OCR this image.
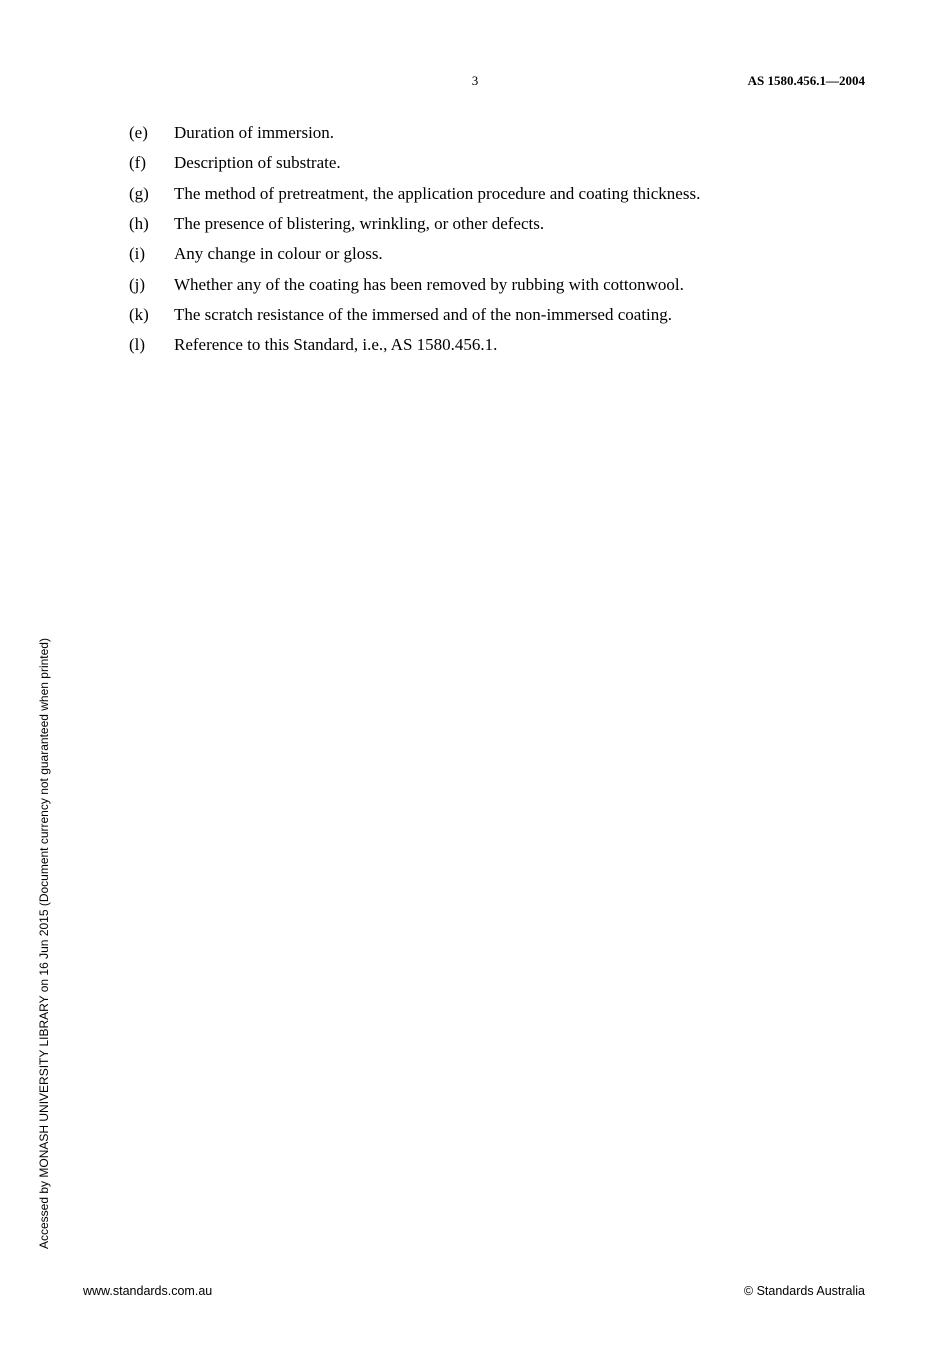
3	AS 1580.456.1—2004
(e)	Duration of immersion.
(f)	Description of substrate.
(g)	The method of pretreatment, the application procedure and coating thickness.
(h)	The presence of blistering, wrinkling, or other defects.
(i)	Any change in colour or gloss.
(j)	Whether any of the coating has been removed by rubbing with cottonwool.
(k)	The scratch resistance of the immersed and of the non-immersed coating.
(l)	Reference to this Standard, i.e., AS 1580.456.1.
Accessed by MONASH UNIVERSITY LIBRARY on 16 Jun 2015 (Document currency not guaranteed when printed)
www.standards.com.au	© Standards Australia
